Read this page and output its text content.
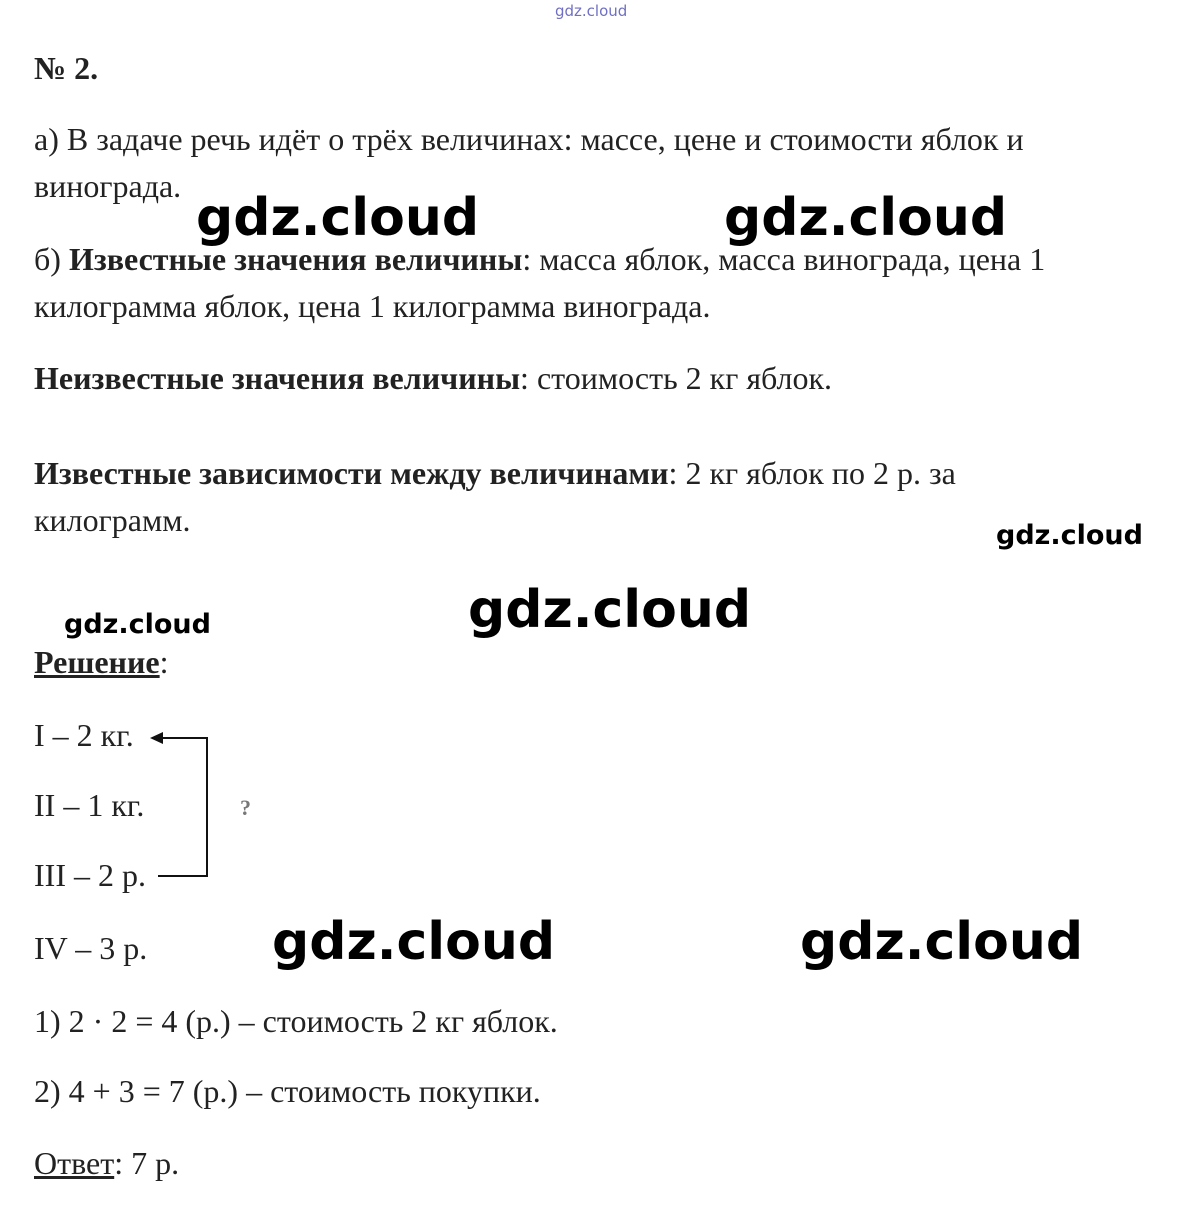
gdz.cloud
gdz.cloud	gdz.cloud
gdz.cloud
gdz.cloud
gdz.cloud
gdz.cloud	gdz.cloud
№ 2.
а) В задаче речь идёт о трёх величинах: массе, цене и стоимости яблок и
винограда.
б) Известные значения величины: масса яблок, масса винограда, цена 1
килограмма яблок, цена 1 килограмма винограда.
Неизвестные значения величины: стоимость 2 кг яблок.
Известные зависимости между величинами: 2 кг яблок по 2 р. за
килограмм.
Решение:
I – 2 кг.
II – 1 кг.
III – 2 р.
IV – 3 р.
?
1) 2 · 2 = 4 (р.) – стоимость 2 кг яблок.
2) 4 + 3 = 7 (р.) – стоимость покупки.
Ответ: 7 р.
